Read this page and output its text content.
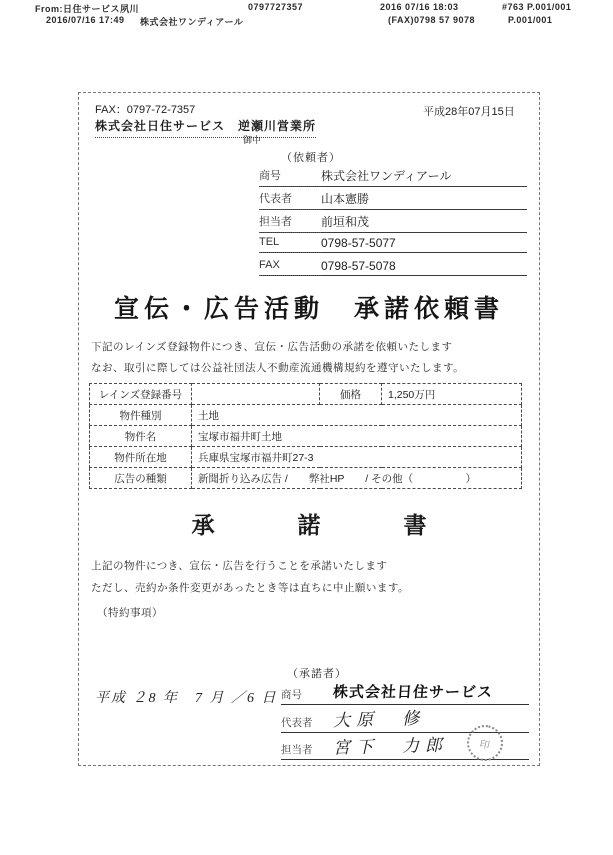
From:日住サービス夙川	0797727357	2016 07/16 18:03	#763 P.001/001
2016/07/16 17:49 株式会社ワンディアール	(FAX)0798 57 9078	P.001/001
FAX：0797-72-7357	平成28年07月15日
株式会社日住サービス　逆瀬川営業所
御中
（依頼者）
商号	株式会社ワンディアール
代表者	山本憲勝
担当者	前垣和茂
TEL	0798-57-5077
FAX	0798-57-5078
宣伝・広告活動　承諾依頼書
下記のレインズ登録物件につき、宣伝・広告活動の承諾を依頼いたします
なお、取引に際しては公益社団法人不動産流通機構規約を遵守いたします。
レインズ登録番号		価格	1,250万円
物件種別	土地		
物件名	宝塚市福井町土地		
物件所在地	兵庫県宝塚市福井町27-3		
広告の種類	新聞折り込み広告 /　　弊社HP　　/ その他（　　　　　）		
承　諾　書
上記の物件につき、宣伝・広告を行うことを承諾いたします
ただし、売約か条件変更があったとき等は直ちに中止願います。
（特約事項）
（承諾者）
平成 ２8 年　7 月 ／6 日 商号	株式会社日住サービス
代表者	大原　修
担当者	宮下　力郎	印
